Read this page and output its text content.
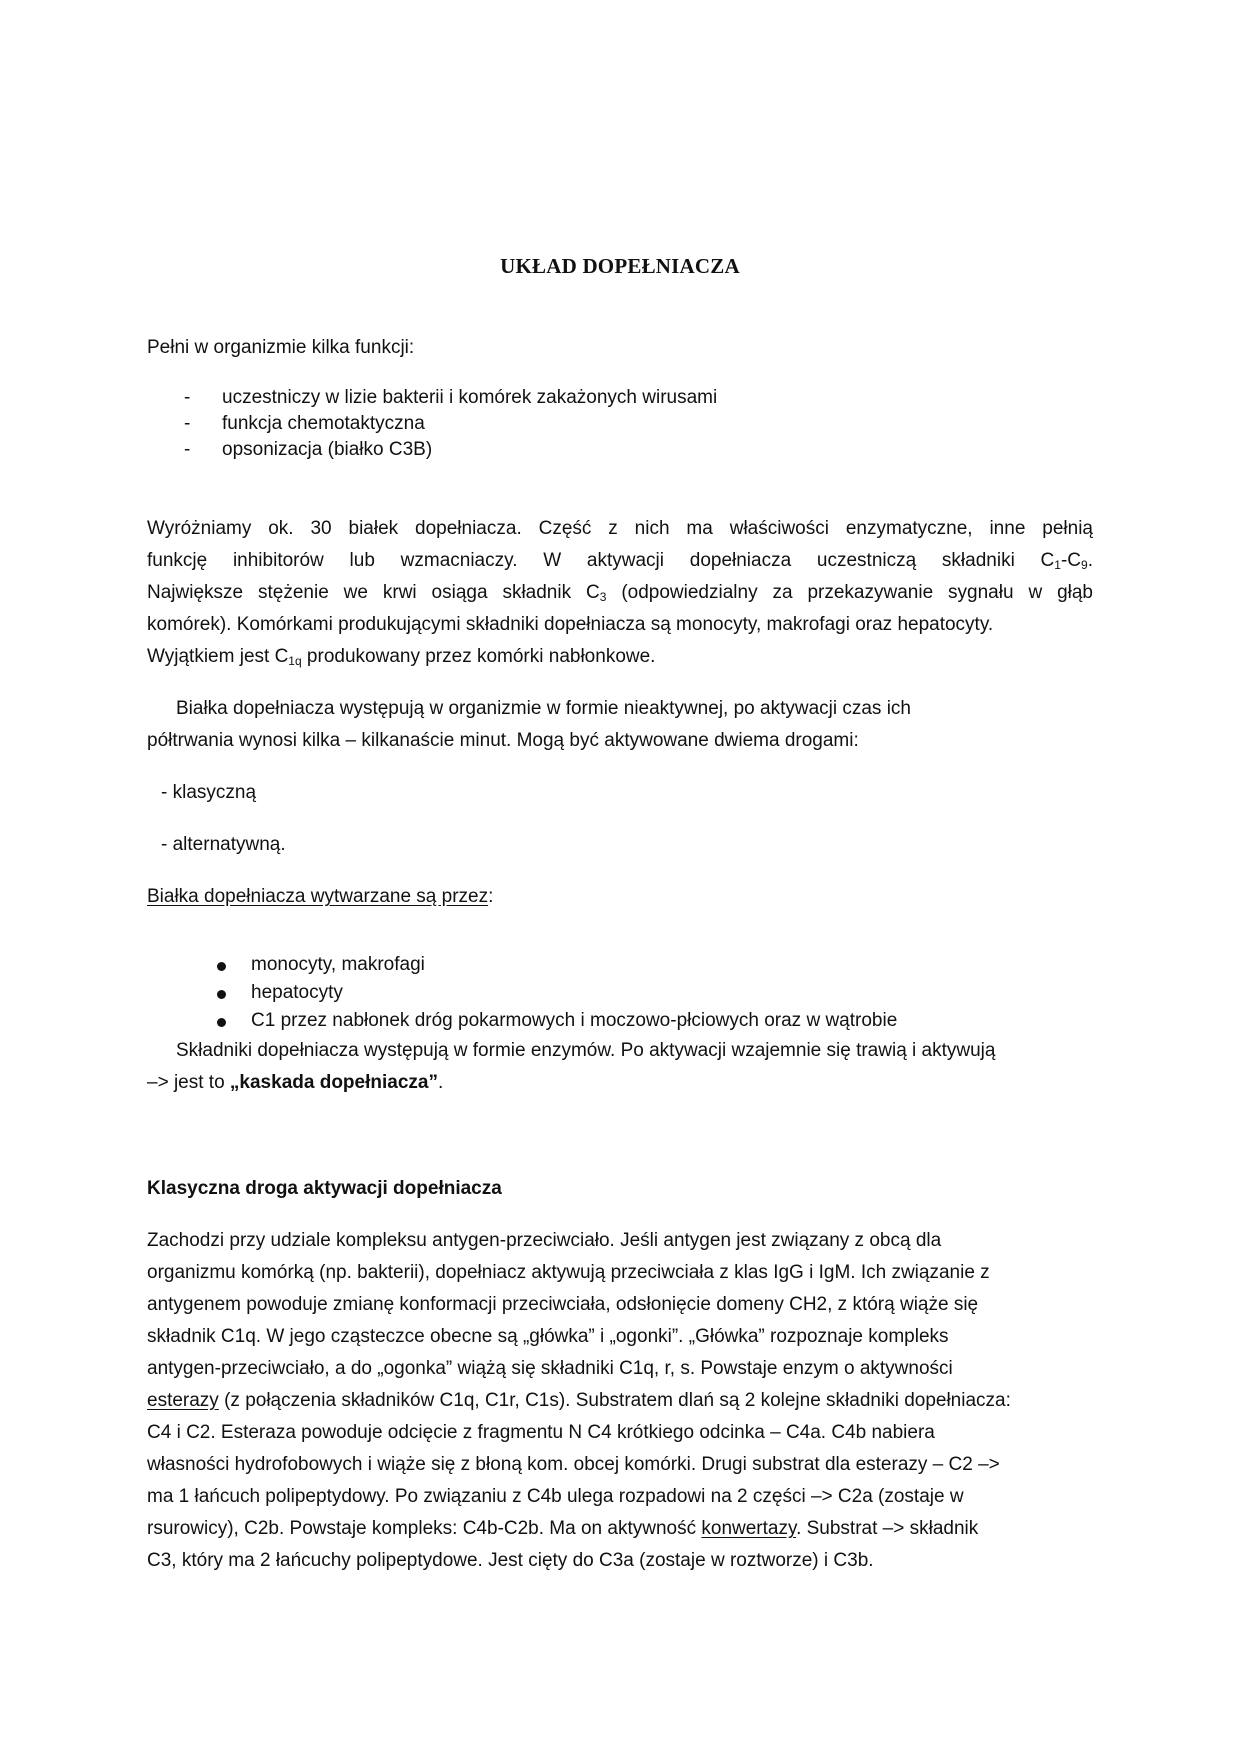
UKŁAD DOPEŁNIACZA
Pełni w organizmie kilka funkcji:
- uczestniczy w lizie bakterii i komórek zakażonych wirusami
- funkcja chemotaktyczna
- opsonizacja (białko C3B)
Wyróżniamy ok. 30 białek dopełniacza. Część z nich ma właściwości enzymatyczne, inne pełnią
funkcję inhibitorów lub wzmacniaczy. W aktywacji dopełniacza uczestniczą składniki $C_1-C_9$.
Największe stężenie we krwi osiąga składnik $C_3$ (odpowiedzialny za przekazywanie sygnału w głąb
komórek). Komórkami produkującymi składniki dopełniacza są monocyty, makrofagi oraz hepatocyty.
Wyjątkiem jest $C_{1q}$ produkowany przez komórki nabłonkowe.
Białka dopełniacza występują w organizmie w formie nieaktywnej, po aktywacji czas ich
półtrwania wynosi kilka – kilkanaście minut. Mogą być aktywowane dwiema drogami:
- klasyczną
- alternatywną.
Białka dopełniacza wytwarzane są przez:
monocyty, makrofagi
hepatocyty
C1 przez nabłonek dróg pokarmowych i moczowo-płciowych oraz w wątrobie
Składniki dopełniacza występują w formie enzymów. Po aktywacji wzajemnie się trawią i aktywują
–> jest to „kaskada dopełniacza”.
Klasyczna droga aktywacji dopełniacza
Zachodzi przy udziale kompleksu antygen-przeciwciało. Jeśli antygen jest związany z obcą dla
organizmu komórką (np. bakterii), dopełniacz aktywują przeciwciała z klas IgG i IgM. Ich związanie z
antygenem powoduje zmianę konformacji przeciwciała, odsłonięcie domeny CH2, z którą wiąże się
składnik C1q. W jego cząsteczce obecne są „główka” i „ogonki”. „Główka” rozpoznaje kompleks
antygen-przeciwciało, a do „ogonka” wiążą się składniki C1q, r, s. Powstaje enzym o aktywności
esterazy (z połączenia składników C1q, C1r, C1s). Substratem dlań są 2 kolejne składniki dopełniacza:
C4 i C2. Esteraza powoduje odcięcie z fragmentu N C4 krótkiego odcinka – C4a. C4b nabiera
własności hydrofobowych i wiąże się z błoną kom. obcej komórki. Drugi substrat dla esterazy – C2 –>
ma 1 łańcuch polipeptydowy. Po związaniu z C4b ulega rozpadowi na 2 części –> C2a (zostaje w
rsurowicy), C2b. Powstaje kompleks: C4b-C2b. Ma on aktywność konwertazy. Substrat –> składnik
C3, który ma 2 łańcuchy polipeptydowe. Jest cięty do C3a (zostaje w roztworze) i C3b.
